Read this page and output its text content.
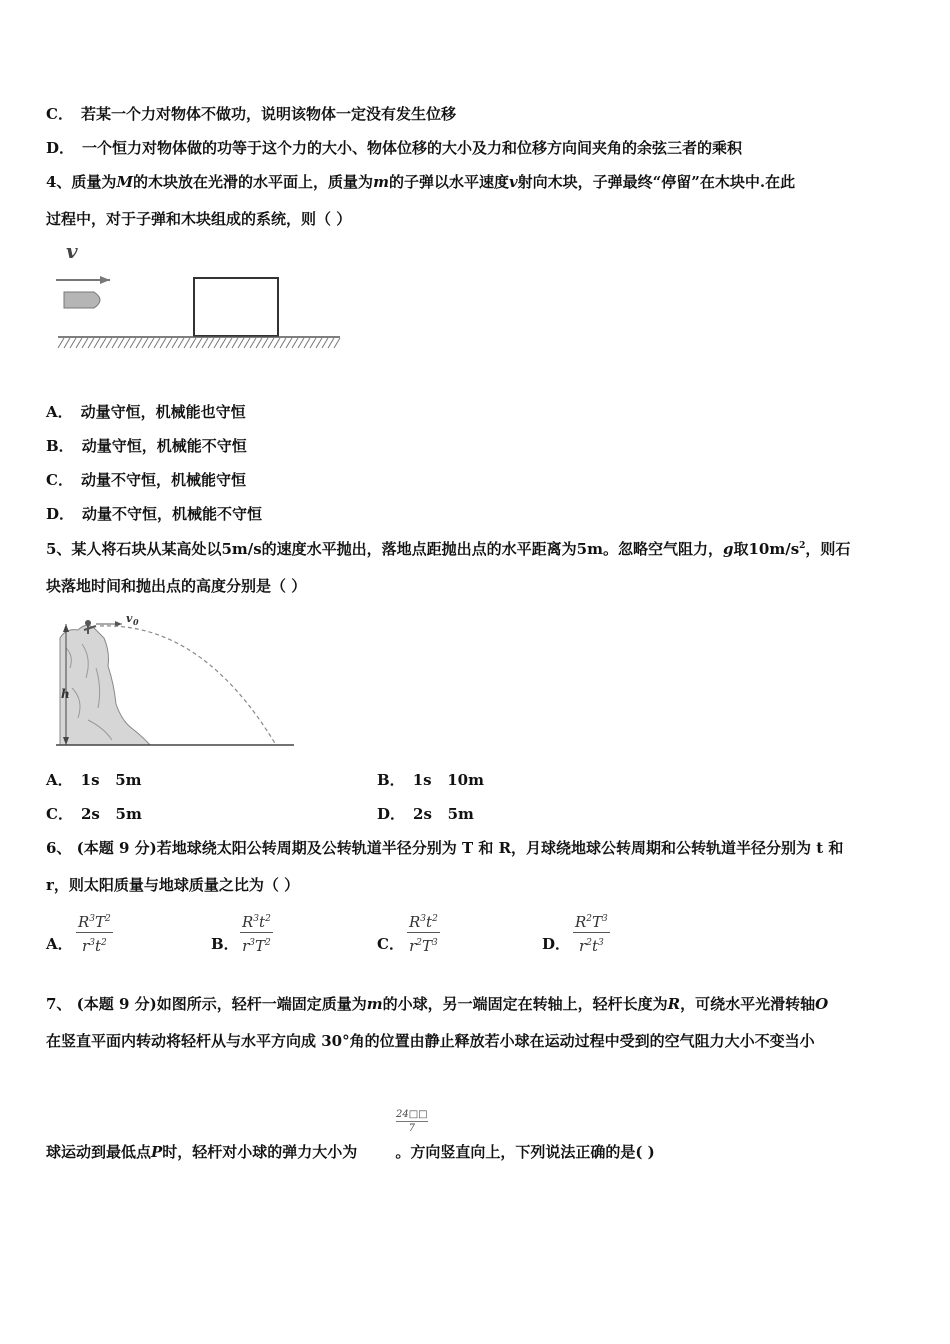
C． 若某一个力对物体不做功，说明该物体一定没有发生位移
D． 一个恒力对物体做的功等于这个力的大小、物体位移的大小及力和位移方向间夹角的余弦三者的乘积
4、质量为M的木块放在光滑的水平面上，质量为m的子弹以水平速度v射向木块，子弹最终“停留”在木块中.在此
过程中，对于子弹和木块组成的系统，则（ ）
v
A． 动量守恒，机械能也守恒
B． 动量守恒，机械能不守恒
C． 动量不守恒，机械能守恒
D． 动量不守恒，机械能不守恒
5、某人将石块从某高处以5m/s的速度水平抛出，落地点距抛出点的水平距离为5m。忽略空气阻力，g取$10m/s^2$，则石
块落地时间和抛出点的高度分别是（ ）
h
v 0
A． 1s   5m	B． 1s   10m
C． 2s   5m	D． 2s   5m
6、 (本题 9 分)若地球绕太阳公转周期及公转轨道半径分别为 T 和 R，月球绕地球公转周期和公转轨道半径分别为 t 和
r，则太阳质量与地球质量之比为（ ）
A．
$R^3T^2$
$r^3t^2$	B．
$R^3t^2$
$r^3T^2$	C．
$R^3t^2$
$r^2T^3$	D．
$R^2T^3$
$r^2t^3$
7、 (本题 9 分)如图所示，轻杆一端固定质量为m的小球，另一端固定在转轴上，轻杆长度为R，可绕水平光滑转轴O
在竖直平面内转动将轻杆从与水平方向成 30°角的位置由静止释放若小球在运动过程中受到的空气阻力大小不变当小
24□□
7
球运动到最低点P时，轻杆对小球的弹力大小为	。方向竖直向上，下列说法正确的是( )
